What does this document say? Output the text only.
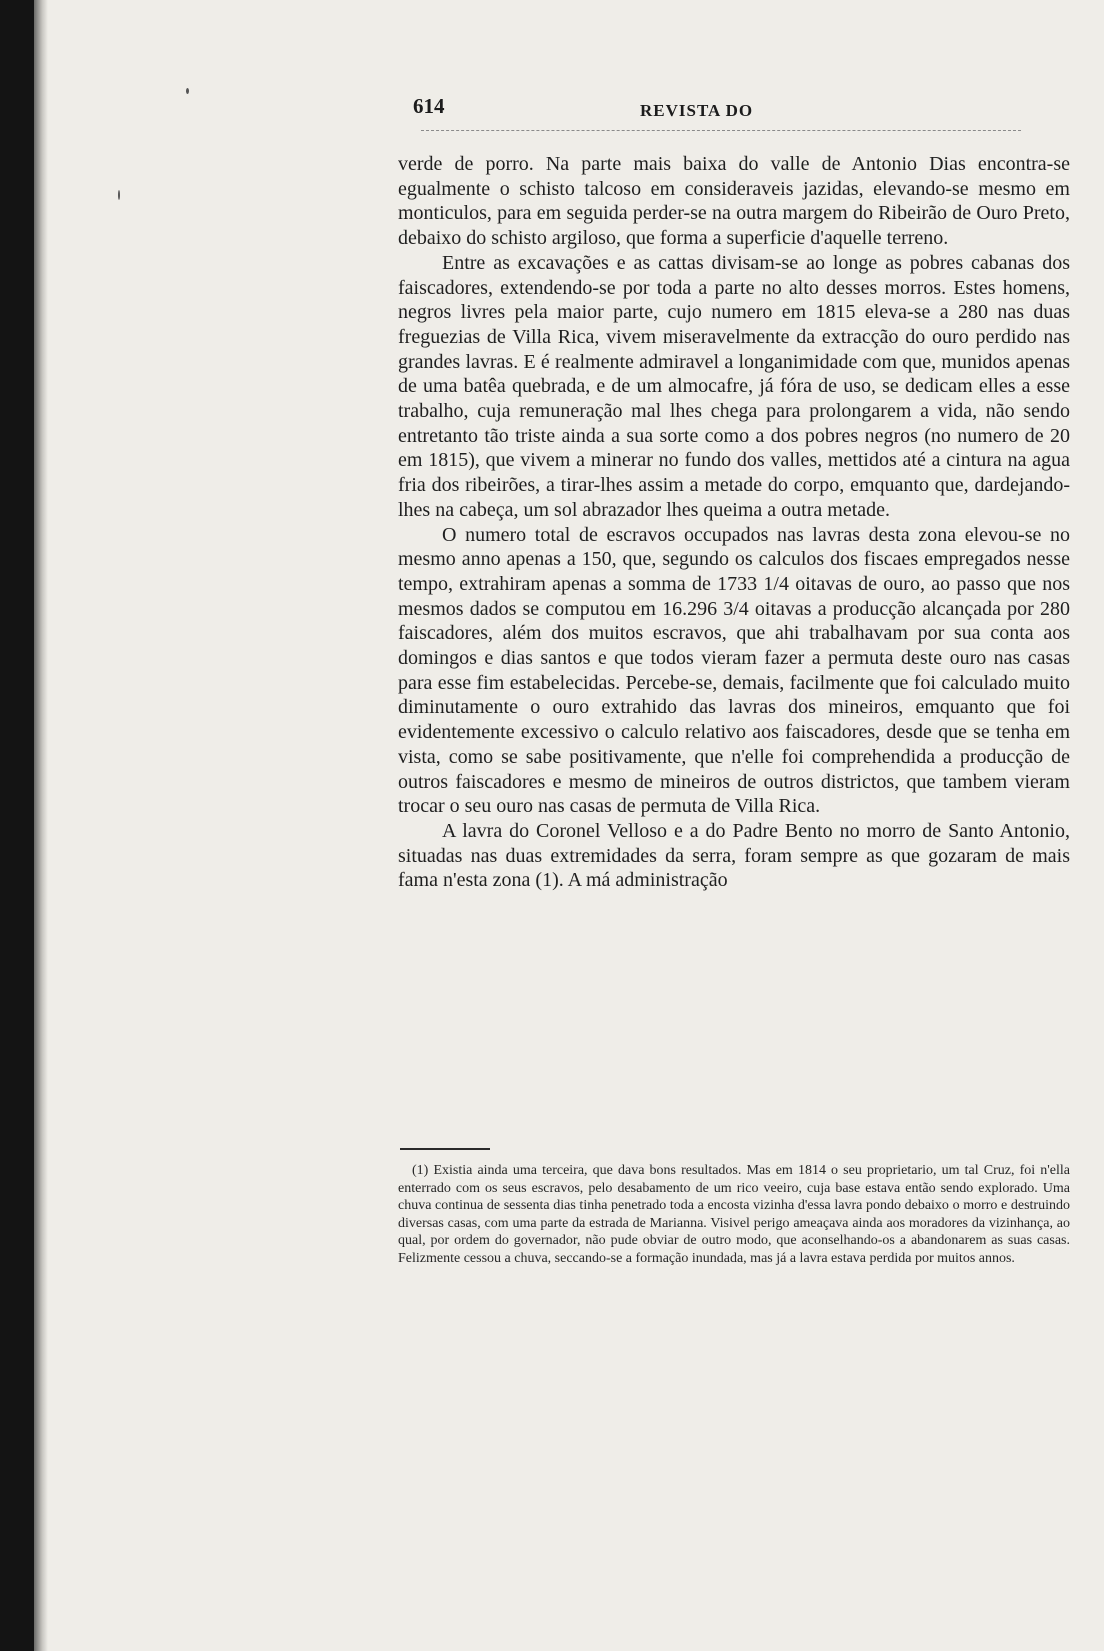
614	REVISTA DO

verde de porro. Na parte mais baixa do valle de Antonio Dias encontra-se egualmente o schisto talcoso em consideraveis jazidas, elevando-se mesmo em monticulos, para em seguida perder-se na outra margem do Ribeirão de Ouro Preto, debaixo do schisto argiloso, que forma a superficie d'aquelle terreno.

Entre as excavações e as cattas divisam-se ao longe as pobres cabanas dos faiscadores, extendendo-se por toda a parte no alto desses morros. Estes homens, negros livres pela maior parte, cujo numero em 1815 eleva-se a 280 nas duas freguezias de Villa Rica, vivem miseravelmente da extracção do ouro perdido nas grandes lavras. E é realmente admiravel a longanimidade com que, munidos apenas de uma batêa quebrada, e de um almocafre, já fóra de uso, se dedicam elles a esse trabalho, cuja remuneração mal lhes chega para prolongarem a vida, não sendo entretanto tão triste ainda a sua sorte como a dos pobres negros (no numero de 20 em 1815), que vivem a minerar no fundo dos valles, mettidos até a cintura na agua fria dos ribeirões, a tirar-lhes assim a metade do corpo, emquanto que, dardejando-lhes na cabeça, um sol abrazador lhes queima a outra metade.

O numero total de escravos occupados nas lavras desta zona elevou-se no mesmo anno apenas a 150, que, segundo os calculos dos fiscaes empregados nesse tempo, extrahiram apenas a somma de 1733 1/4 oitavas de ouro, ao passo que nos mesmos dados se computou em 16.296 3/4 oitavas a producção alcançada por 280 faiscadores, além dos muitos escravos, que ahi trabalhavam por sua conta aos domingos e dias santos e que todos vieram fazer a permuta deste ouro nas casas para esse fim estabelecidas. Percebe-se, demais, facilmente que foi calculado muito diminutamente o ouro extrahido das lavras dos mineiros, emquanto que foi evidentemente excessivo o calculo relativo aos faiscadores, desde que se tenha em vista, como se sabe positivamente, que n'elle foi comprehendida a producção de outros faiscadores e mesmo de mineiros de outros districtos, que tambem vieram trocar o seu ouro nas casas de permuta de Villa Rica.

A lavra do Coronel Velloso e a do Padre Bento no morro de Santo Antonio, situadas nas duas extremidades da serra, foram sempre as que gozaram de mais fama n'esta zona (1). A má administração

(1) Existia ainda uma terceira, que dava bons resultados. Mas em 1814 o seu proprietario, um tal Cruz, foi n'ella enterrado com os seus escravos, pelo desabamento de um rico veeiro, cuja base estava então sendo explorado. Uma chuva continua de sessenta dias tinha penetrado toda a encosta vizinha d'essa lavra pondo debaixo o morro e destruindo diversas casas, com uma parte da estrada de Marianna. Visivel perigo ameaçava ainda aos moradores da vizinhança, ao qual, por ordem do governador, não pude obviar de outro modo, que aconselhando-os a abandonarem as suas casas. Felizmente cessou a chuva, seccando-se a formação inundada, mas já a lavra estava perdida por muitos annos.
